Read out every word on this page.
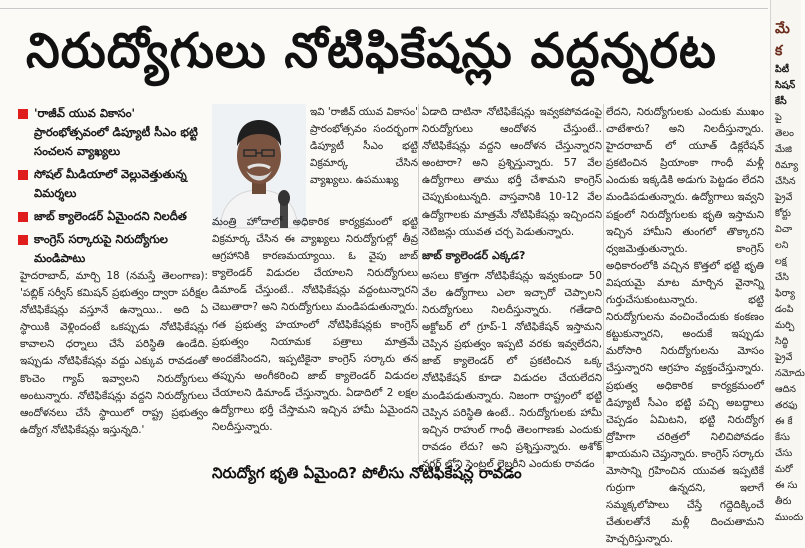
నిరుద్యోగులు నోటిఫికేషన్లు వద్దన్నరట
'రాజీవ్ యువ వికాసం' ప్రారంభోత్సవంలో డిప్యూటీ సీఎం భట్టి సంచలన వ్యాఖ్యలు
సోషల్ మీడియాలో వెల్లువెత్తుతున్న విమర్శలు
జాబ్ క్యాలెండర్ ఏమైందని నిలదీత
కాంగ్రెస్ సర్కారుపై నిరుద్యోగుల మండిపాటు

హైదరాబాద్, మార్చి 18 (నమస్తే తెలంగాణ): 'పబ్లిక్ సర్వీస్ కమిషన్ ప్రభుత్వం ద్వారా పరీక్షల నోటిఫికేషన్లు వస్తూనే ఉన్నాయి.. అది ఏ స్థాయికి వెళ్లిందంటే ఒకప్పుడు నోటిఫికేషన్లు కావాలని ధర్నాలు చేసే పరిస్థితి ఉండేది. ఇప్పుడు నోటిఫికేషన్లు వద్దు ఎక్కువ రావడంతో కొంచెం గ్యాప్ ఇవ్వాలని నిరుద్యోగులు అంటున్నారు. నోటిఫికేషన్లు వద్దని నిరుద్యోగులు ఆందోళనలు చేసే స్థాయిలో రాష్ట్ర ప్రభుత్వం ఉద్యోగ నోటిఫికేషన్లు ఇస్తున్నది.'

ఇవి 'రాజీవ్ యువ వికాసం' ప్రారంభోత్సవం సందర్భంగా డిప్యూటీ సీఎం భట్టి విక్రమార్క చేసిన వ్యాఖ్యలు. ఉపముఖ్య

మంత్రి హోదాలో అధికారిక కార్యక్రమంలో భట్టి విక్రమార్క చేసిన ఈ వ్యాఖ్యలు నిరుద్యోగుల్లో తీవ్ర ఆగ్రహానికి కారణమయ్యాయి. ఓ వైపు జాబ్ క్యాలెండర్ విడుదల చేయాలని నిరుద్యోగులు డిమాండ్ చేస్తుంటే.. నోటిఫికేషన్లు వద్దంటున్నారని చెబుతారా? అని నిరుద్యోగులు మండిపడుతున్నారు. గత ప్రభుత్వ హయాంలో నోటిఫికేషన్లకు కాంగ్రెస్ ప్రభుత్వం నియామక పత్రాలు మాత్రమే అందజేసిందని, ఇప్పటికైనా కాంగ్రెస్ సర్కారు తన తప్పును అంగీకరించి జాబ్ క్యాలెండర్ విడుదల చేయాలని డిమాండ్ చేస్తున్నారు. ఏడాదిలో 2 లక్షల ఉద్యోగాలు భర్తీ చేస్తామని ఇచ్చిన హామీ ఏమైందని నిలదీస్తున్నారు.

ఏడాది దాటినా నోటిఫికేషన్లు ఇవ్వకపోవడంపై నిరుద్యోగులు ఆందోళన చేస్తుంటే.. నోటిఫికేషన్లు వద్దని ఆందోళన చేస్తున్నారని అంటారా? అని ప్రశ్నిస్తున్నారు. 57 వేల ఉద్యోగాలు తాము భర్తీ చేశామని కాంగ్రెస్ చెప్పుకుంటున్నది. వాస్తవానికి 10-12 వేల ఉద్యోగాలకు మాత్రమే నోటిఫికేషన్లు ఇచ్చిందని నెటిజన్లు యువత చర్చ పెడుతున్నారు.

జాబ్ క్యాలెండర్ ఎక్కడ?

అసలు కొత్తగా నోటిఫికేషన్లు ఇవ్వకుండా 50 వేల ఉద్యోగాలు ఎలా ఇచ్చారో చెప్పాలని నిరుద్యోగులు నిలదీస్తున్నారు. గతేడాది అక్టోబర్ లో గ్రూప్-1 నోటిఫికేషన్ ఇస్తామని చెప్పిన ప్రభుత్వం ఇప్పటి వరకు ఇవ్వలేదని, జాబ్ క్యాలెండర్ లో ప్రకటించిన ఒక్క నోటిఫికేషన్ కూడా విడుదల చేయలేదని మండిపడుతున్నారు. నిజంగా రాష్ట్రంలో భట్టి చెప్పిన పరిస్థితి ఉంటే.. నిరుద్యోగులకు హామీ ఇచ్చిన రాహుల్ గాంధీ తెలంగాణకు ఎందుకు రావడం లేదు? అని ప్రశ్నిస్తున్నారు. అశోక్ నగర్ లోని సెంట్రల్ లైబ్రరీని ఎందుకు రావడం

లేదని, నిరుద్యోగులకు ఎందుకు ముఖం చాటేశారు? అని నిలదీస్తున్నారు. హైదరాబాద్ లో యూత్ డిక్లరేషన్ ప్రకటించిన ప్రియాంకా గాంధీ మళ్లీ ఎందుకు ఇక్కడికి అడుగు పెట్టడం లేదని మండిపడుతున్నారు. ఉద్యోగాలు ఇవ్వని పక్షంలో నిరుద్యోగులకు భృతి ఇస్తామని ఇచ్చిన హామీని తుంగలో తొక్కారని ధ్వజమెత్తుతున్నారు. కాంగ్రెస్ అధికారంలోకి వచ్చిన కొత్తలో భట్టి భృతి విషయమై మాట మార్చిన వైనాన్ని గుర్తుచేసుకుంటున్నారు. భట్టి నిరుద్యోగులను వంచించేందుకు కంకణం కట్టుకున్నారని, అందుకే ఇప్పుడు మరోసారి నిరుద్యోగులను మోసం చేస్తున్నారని ఆగ్రహం వ్యక్తంచేస్తున్నారు. ప్రభుత్వ అధికారిక కార్యక్రమంలో డిప్యూటీ సీఎం భట్టి పచ్చి అబద్ధాలు చెప్పడం ఏమిటని, భట్టి నిరుద్యోగ ద్రోహిగా చరిత్రలో నిలిచిపోవడం ఖాయమని చెప్తున్నారు. కాంగ్రెస్ సర్కారు మోసాన్ని గ్రహించిన యువత ఇప్పటికే గుర్రుగా ఉన్నదని, ఇలాగే సమ్మక్కలోపాలు చేస్తే గద్దెదిక్కించే చేతులతోనే మళ్లీ దించుతామని హెచ్చరిస్తున్నారు.

నిరుద్యోగ భృతి ఏమైంది? పోలీసు నోటిఫికేషన్ల రావడం
మే
క
పిటీ
సిషన్
కేసీ
పై
తెలం
మేజి
రిమ్యా
చేసిన
ప్రైవే
కోర్టు
విచా
లని
లక్ష
చేసి
ఫిర్యా
డంపి
మర్పి
సిద్ధి
ప్రైవే
నమోదు
ఆదిన
తరఫు
ఈ కే
కేసు
చేసు
మరో
ఈ సు
తీరు
ముందు
